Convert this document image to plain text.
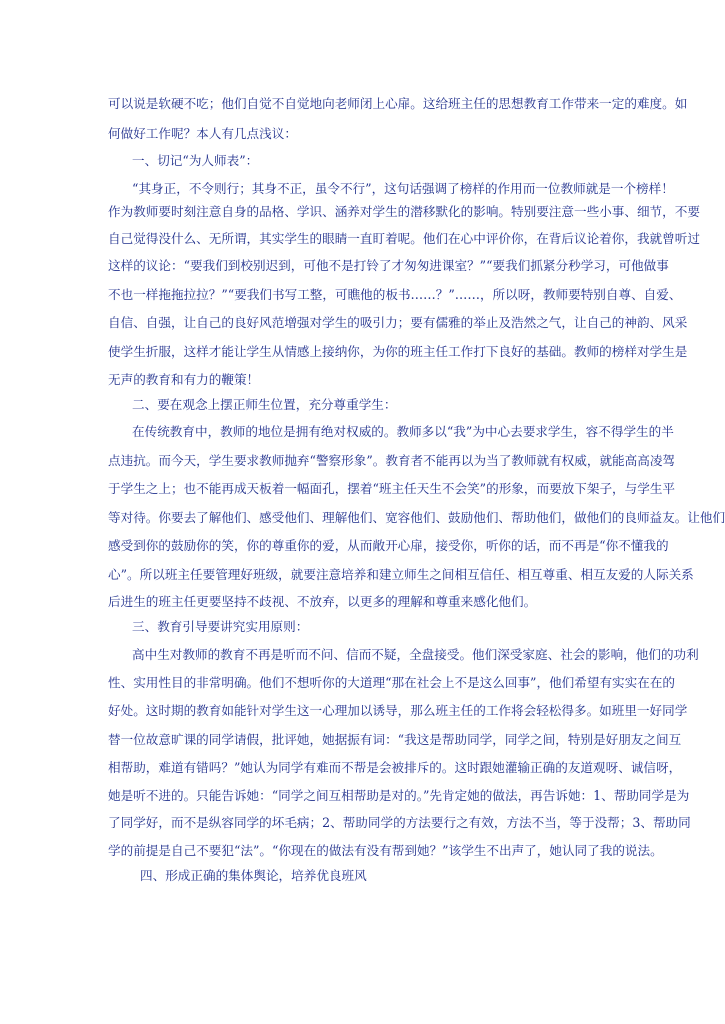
可以说是软硬不吃；他们自觉不自觉地向老师闭上心扉。这给班主任的思想教育工作带来一定的难度。如
何做好工作呢？本人有几点浅议：
一、切记“为人师表”：
“其身正，不令则行；其身不正，虽令不行”，这句话强调了榜样的作用而一位教师就是一个榜样！
作为教师要时刻注意自身的品格、学识、涵养对学生的潜移默化的影响。特别要注意一些小事、细节，不要
自己觉得没什么、无所谓，其实学生的眼睛一直盯着呢。他们在心中评价你，在背后议论着你，我就曾听过
这样的议论：“要我们到校别迟到，可他不是打铃了才匆匆进课室？”“要我们抓紧分秒学习，可他做事
不也一样拖拖拉拉？”“要我们书写工整，可瞧他的板书……？”……，所以呀，教师要特别自尊、自爱、
自信、自强，让自己的良好风范增强对学生的吸引力；要有儒雅的举止及浩然之气，让自己的神韵、风采
使学生折服，这样才能让学生从情感上接纳你，为你的班主任工作打下良好的基础。教师的榜样对学生是
无声的教育和有力的鞭策！
二、要在观念上摆正师生位置，充分尊重学生：
在传统教育中，教师的地位是拥有绝对权威的。教师多以“我”为中心去要求学生，容不得学生的半
点违抗。而今天，学生要求教师抛弃“警察形象”。教育者不能再以为当了教师就有权威，就能高高凌驾
于学生之上；也不能再成天板着一幅面孔，摆着“班主任天生不会笑”的形象，而要放下架子，与学生平
等对待。你要去了解他们、感受他们、理解他们、宽容他们、鼓励他们、帮助他们，做他们的良师益友。让他们
感受到你的鼓励你的笑，你的尊重你的爱，从而敞开心扉，接受你，听你的话，而不再是“你不懂我的
心”。所以班主任要管理好班级，就要注意培养和建立师生之间相互信任、相互尊重、相互友爱的人际关系
后进生的班主任更要坚持不歧视、不放弃，以更多的理解和尊重来感化他们。
三、教育引导要讲究实用原则：
高中生对教师的教育不再是听而不问、信而不疑，全盘接受。他们深受家庭、社会的影响，他们的功利
性、实用性目的非常明确。他们不想听你的大道理“那在社会上不是这么回事”，他们希望有实实在在的
好处。这时期的教育如能针对学生这一心理加以诱导，那么班主任的工作将会轻松得多。如班里一好同学
替一位故意旷课的同学请假，批评她，她据振有词：“我这是帮助同学，同学之间，特别是好朋友之间互
相帮助，难道有错吗？”她认为同学有难而不帮是会被排斥的。这时跟她灌输正确的友道观呀、诚信呀，
她是听不进的。只能告诉她：“同学之间互相帮助是对的。”先肯定她的做法，再告诉她：1、帮助同学是为
了同学好，而不是纵容同学的坏毛病；2、帮助同学的方法要行之有效，方法不当，等于没帮；3、帮助同
学的前提是自己不要犯“法”。“你现在的做法有没有帮到她？”该学生不出声了，她认同了我的说法。
四、形成正确的集体舆论，培养优良班风
